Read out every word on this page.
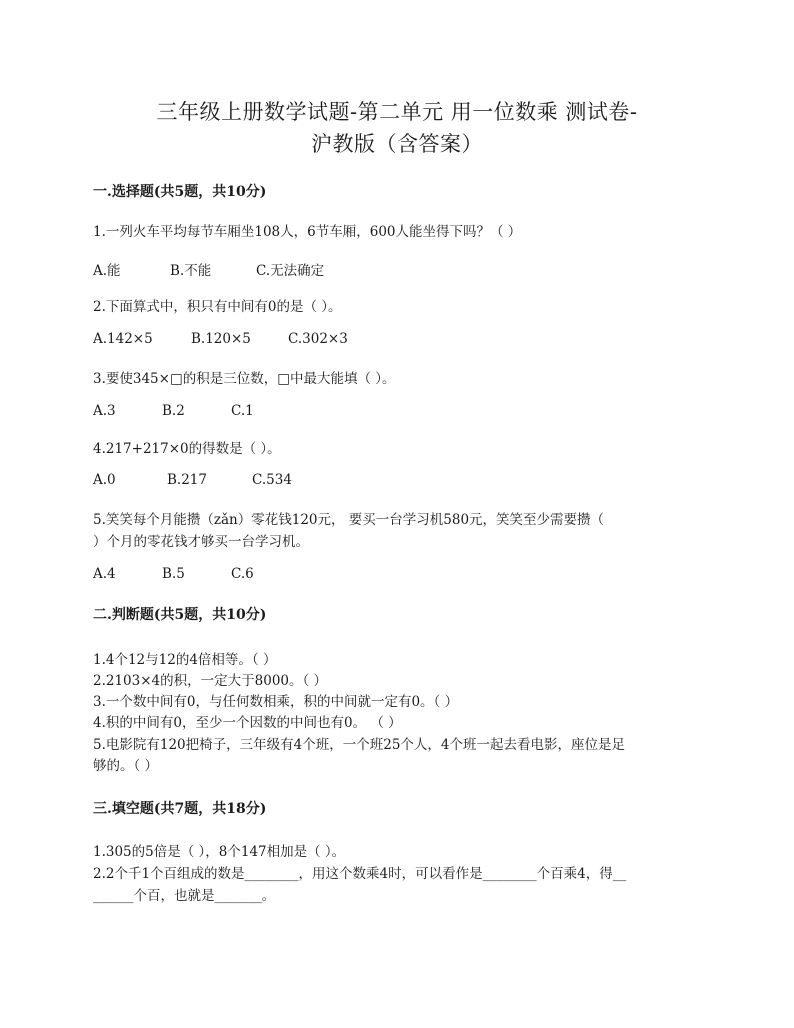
三年级上册数学试题-第二单元 用一位数乘 测试卷-
沪教版（含答案）
一.选择题(共5题，共10分)
1.一列火车平均每节车厢坐108人，6节车厢，600人能坐得下吗？（ ）
A.能	B.不能	C.无法确定
2.下面算式中，积只有中间有0的是（ ）。
A.142×5	B.120×5	C.302×3
3.要使345×□的积是三位数，□中最大能填（ ）。
A.3	B.2	C.1
4.217+217×0的得数是（ ）。
A.0	B.217	C.534
5.笑笑每个月能攒（zǎn）零花钱120元， 要买一台学习机580元，笑笑至少需要攒（
）个月的零花钱才够买一台学习机。
A.4	B.5	C.6
二.判断题(共5题，共10分)
1.4个12与12的4倍相等。（ ）
2.2103×4的积，一定大于8000。（ ）
3.一个数中间有0，与任何数相乘，积的中间就一定有0。（ ）
4.积的中间有0，至少一个因数的中间也有0。 （ ）
5.电影院有120把椅子，三年级有4个班，一个班25个人，4个班一起去看电影，座位是足
够的。（ ）
三.填空题(共7题，共18分)
1.305的5倍是（ ），8个147相加是（ ）。
2.2个千1个百组成的数是________，用这个数乘4时，可以看作是________个百乘4，得__
______个百，也就是_______。
